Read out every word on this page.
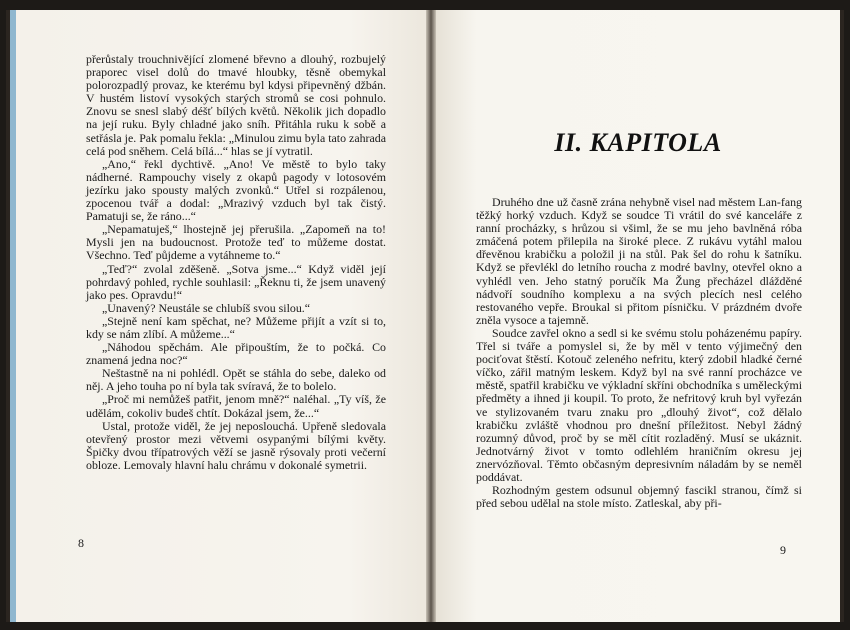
přerůstaly trouchnivějící zlomené břevno a dlouhý, rozbujelý praporec visel dolů do tmavé hloubky, těsně obemykal polorozpadlý provaz, ke kterému byl kdysi připevněný džbán. V hustém listoví vysokých starých stromů se cosi pohnulo. Znovu se snesl slabý déšť bílých květů. Několik jich dopadlo na její ruku. Byly chladné jako sníh. Přitáhla ruku k sobě a setřásla je. Pak pomalu řekla: „Minulou zimu byla tato zahrada celá pod sněhem. Celá bílá...“ hlas se jí vytratil.

„Ano,“ řekl dychtivě. „Ano! Ve městě to bylo taky nádherné. Rampouchy visely z okapů pagody v lotosovém jezírku jako spousty malých zvonků.“ Utřel si rozpálenou, zpocenou tvář a dodal: „Mrazivý vzduch byl tak čistý. Pamatuji se, že ráno...“

„Nepamatuješ,“ lhostejně jej přerušila. „Zapomeň na to! Mysli jen na budoucnost. Protože teď to můžeme dostat. Všechno. Teď půjdeme a vytáhneme to.“

„Teď?“ zvolal zděšeně. „Sotva jsme...“ Když viděl její pohrdavý pohled, rychle souhlasil: „Řeknu ti, že jsem unavený jako pes. Opravdu!“

„Unavený? Neustále se chlubíš svou silou.“

„Stejně není kam spěchat, ne? Můžeme přijít a vzít si to, kdy se nám zlíbí. A můžeme...“

„Náhodou spěchám. Ale připouštím, že to počká. Co znamená jedna noc?“

Neštastně na ni pohlédl. Opět se stáhla do sebe, daleko od něj. A jeho touha po ní byla tak svíravá, že to bolelo.

„Proč mi nemůžeš patřit, jenom mně?“ naléhal. „Ty víš, že udělám, cokoliv budeš chtít. Dokázal jsem, že...“

Ustal, protože viděl, že jej neposlouchá. Upřeně sledovala otevřený prostor mezi větvemi osypanými bílými květy. Špičky dvou třípatrových věží se jasně rýsovaly proti večerní obloze. Lemovaly hlavní halu chrámu v dokonalé symetrii.

8
II. KAPITOLA

Druhého dne už časně zrána nehybně visel nad městem Lan-fang těžký horký vzduch. Když se soudce Ti vrátil do své kanceláře z ranní procházky, s hrůzou si všiml, že se mu jeho bavlněná róba zmáčená potem přilepila na široké plece. Z rukávu vytáhl malou dřevěnou krabičku a položil ji na stůl. Pak šel do rohu k šatníku. Když se převlékl do letního roucha z modré bavlny, otevřel okno a vyhlédl ven. Jeho statný poručík Ma Žung přecházel dlážděné nádvoří soudního komplexu a na svých plecích nesl celého restovaného vepře. Broukal si přitom písničku. V prázdném dvoře zněla vysoce a tajemně.

Soudce zavřel okno a sedl si ke svému stolu poházenému papíry. Třel si tváře a pomyslel si, že by měl v tento výjimečný den pociťovat štěstí. Kotouč zeleného nefritu, který zdobil hladké černé víčko, zářil matným leskem. Když byl na své ranní procházce ve městě, spatřil krabičku ve výkladní skříni obchodníka s uměleckými předměty a ihned ji koupil. To proto, že nefritový kruh byl vyřezán ve stylizovaném tvaru znaku pro „dlouhý život“, což dělalo krabičku zvláště vhodnou pro dnešní příležitost. Nebyl žádný rozumný důvod, proč by se měl cítit rozladěný. Musí se ukáznit. Jednotvárný život v tomto odlehlém hraničním okresu jej znervózňoval. Těmto občasným depresivním náladám by se neměl poddávat.

Rozhodným gestem odsunul objemný fascikl stranou, čímž si před sebou udělal na stole místo. Zatleskal, aby při-

9
